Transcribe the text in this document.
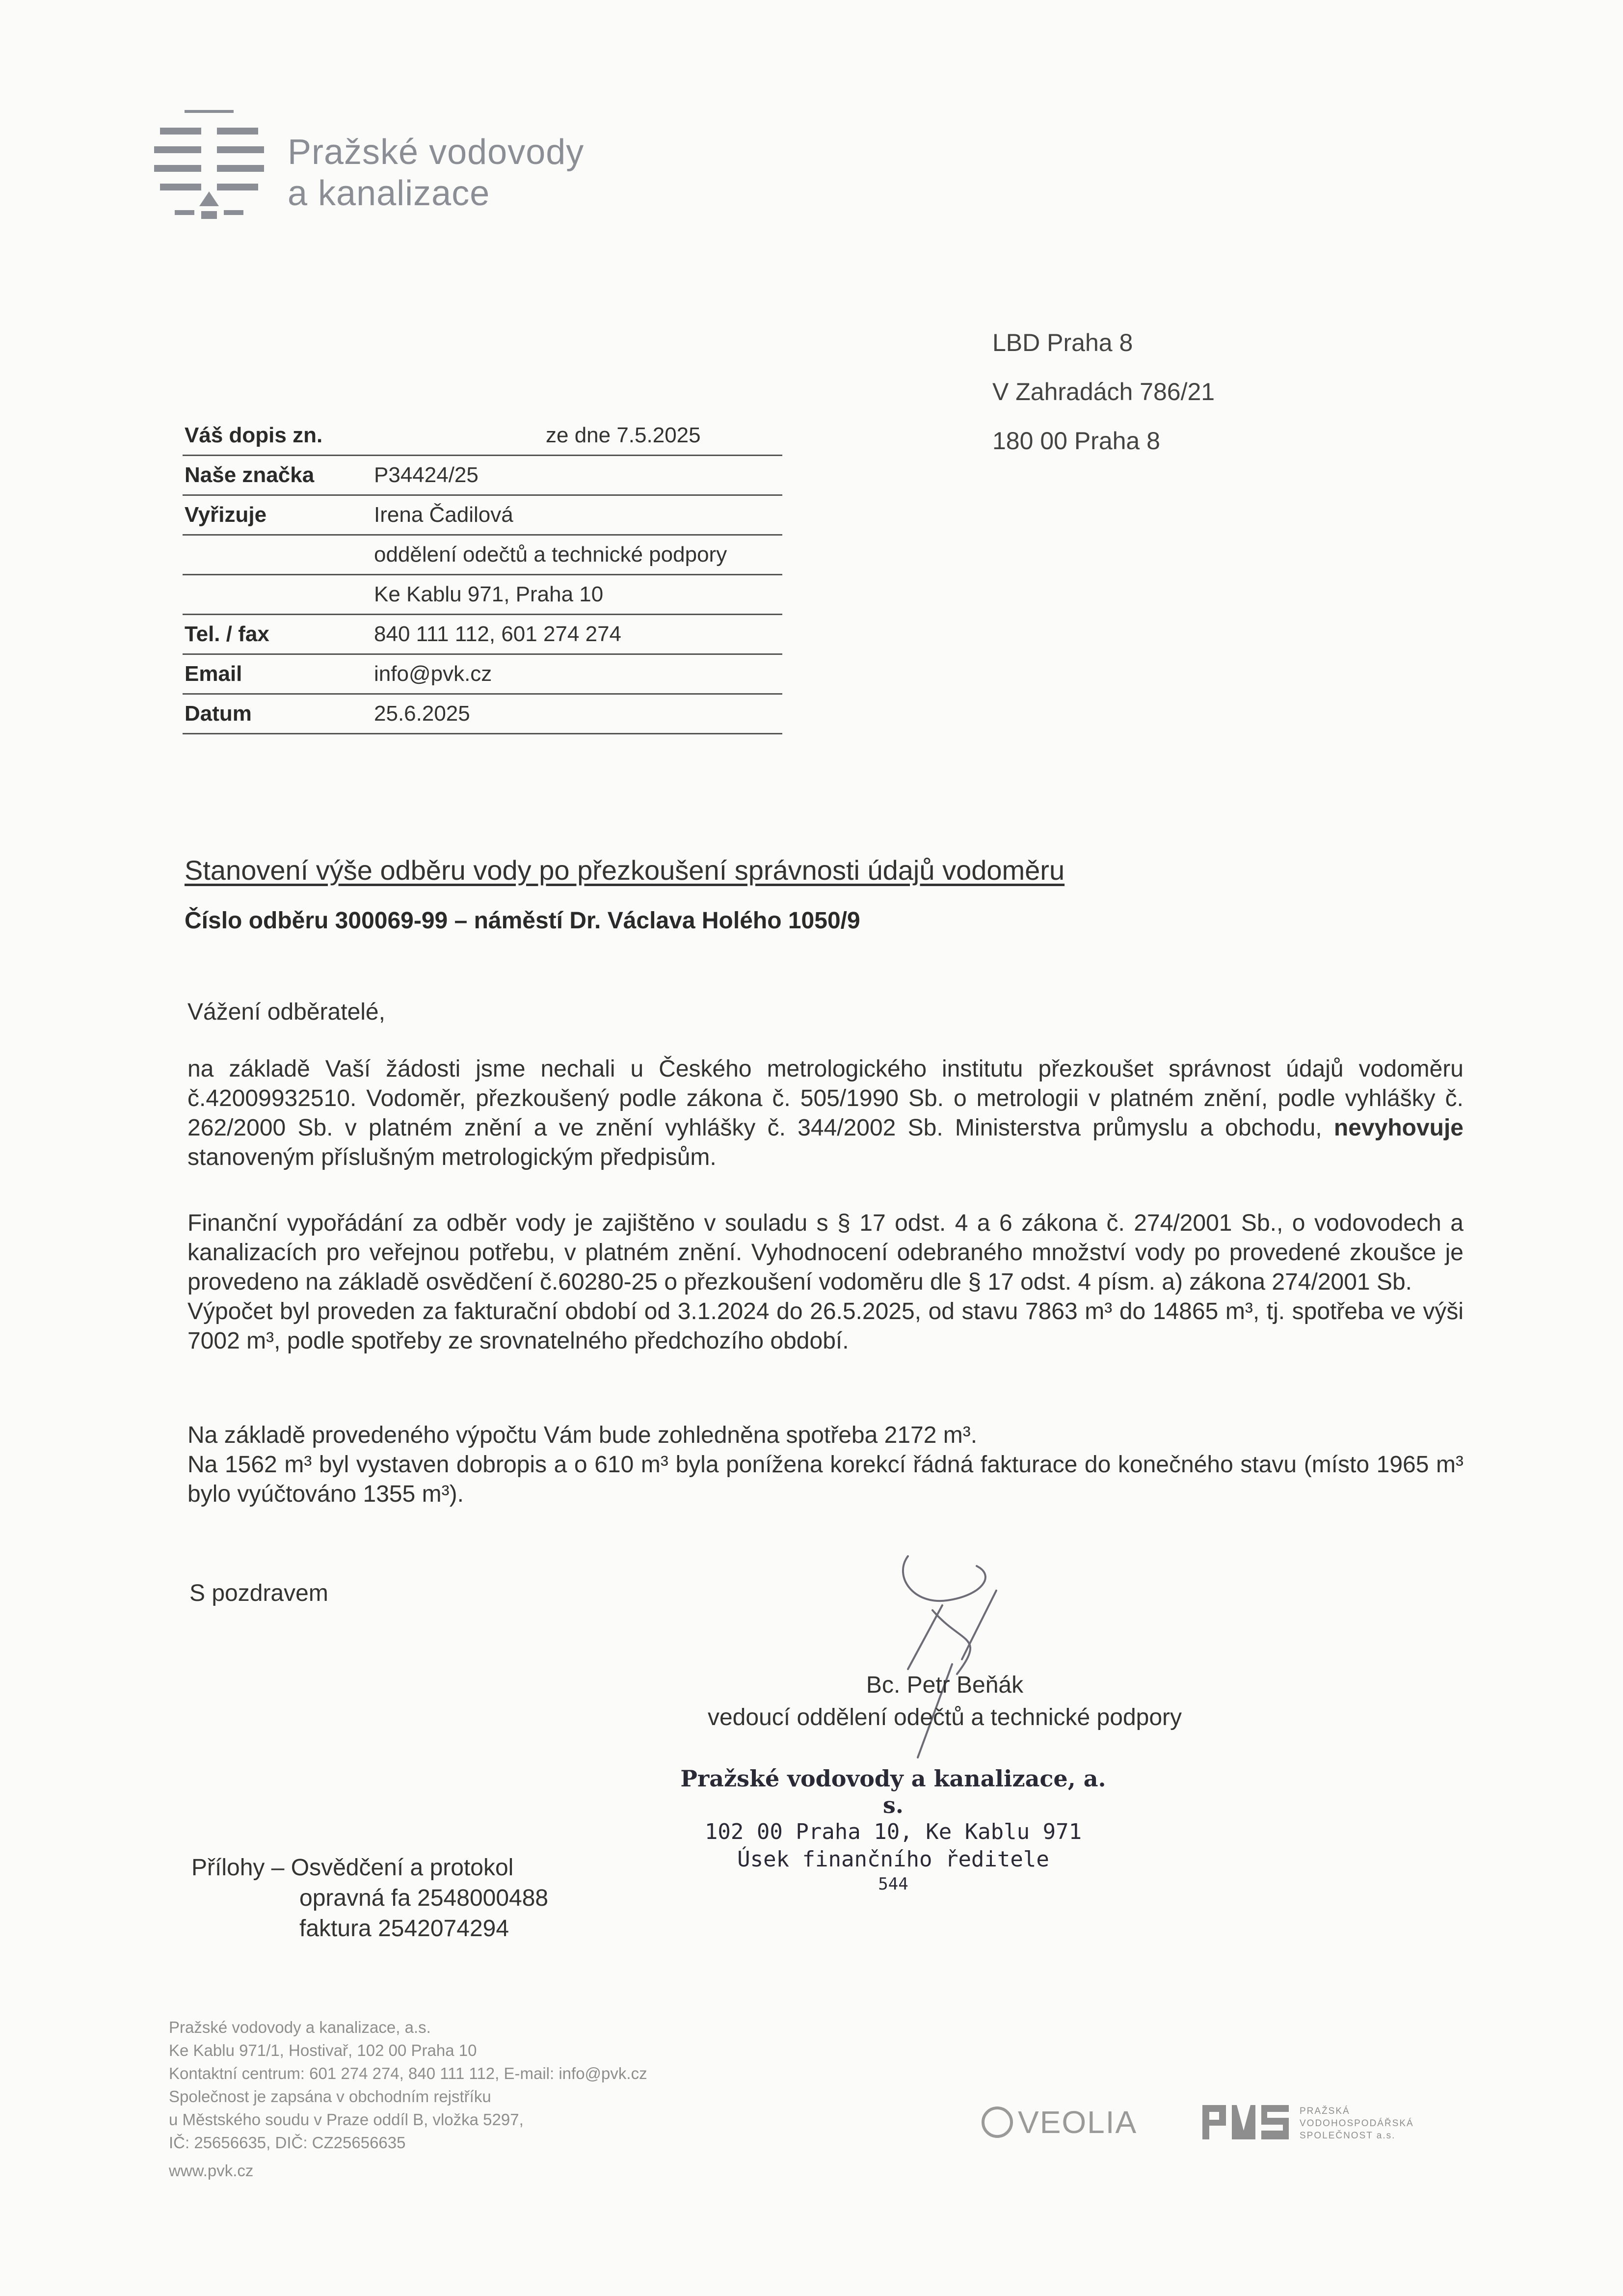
Pražské vodovody
a kanalizace
LBD Praha 8
V Zahradách 786/21
180 00 Praha 8
Váš dopis zn.	ze dne 7.5.2025
Naše značka	P34424/25
Vyřizuje	Irena Čadilová
oddělení odečtů a technické podpory
Ke Kablu 971, Praha 10
Tel. / fax	840 111 112, 601 274 274
Email	info@pvk.cz
Datum	25.6.2025
Stanovení výše odběru vody po přezkoušení správnosti údajů vodoměru
Číslo odběru 300069-99 – náměstí Dr. Václava Holého 1050/9
Vážení odběratelé,

na základě Vaší žádosti jsme nechali u Českého metrologického institutu přezkoušet správnost údajů vodoměru č.42009932510. Vodoměr, přezkoušený podle zákona č. 505/1990 Sb. o metrologii v platném znění, podle vyhlášky č. 262/2000 Sb. v platném znění a ve znění vyhlášky č. 344/2002 Sb. Ministerstva průmyslu a obchodu, nevyhovuje stanoveným příslušným metrologickým předpisům.

Finanční vypořádání za odběr vody je zajištěno v souladu s § 17 odst. 4 a 6 zákona č. 274/2001 Sb., o vodovodech a kanalizacích pro veřejnou potřebu, v platném znění. Vyhodnocení odebraného množství vody po provedené zkoušce je provedeno na základě osvědčení č.60280-25 o přezkoušení vodoměru dle § 17 odst. 4 písm. a) zákona 274/2001 Sb.

Výpočet byl proveden za fakturační období od 3.1.2024 do 26.5.2025, od stavu 7863 m³ do 14865 m³, tj. spotřeba ve výši 7002 m³, podle spotřeby ze srovnatelného předchozího období.

Na základě provedeného výpočtu Vám bude zohledněna spotřeba 2172 m³.

Na 1562 m³ byl vystaven dobropis a o 610 m³ byla ponížena korekcí řádná fakturace do konečného stavu (místo 1965 m³ bylo vyúčtováno 1355 m³).

S pozdravem
Bc. Petr Beňák
vedoucí oddělení odečtů a technické podpory
Pražské vodovody a kanalizace, a. s.
102 00 Praha 10, Ke Kablu 971
Úsek finančního ředitele
544
Přílohy – Osvědčení a protokol
opravná fa 2548000488
faktura 2542074294
Pražské vodovody a kanalizace, a.s.
Ke Kablu 971/1, Hostivař, 102 00 Praha 10
Kontaktní centrum: 601 274 274, 840 111 112, E-mail: info@pvk.cz
Společnost je zapsána v obchodním rejstříku
u Městského soudu v Praze oddíl B, vložka 5297,
IČ: 25656635, DIČ: CZ25656635
www.pvk.cz
VEOLIA	PRAŽSKÁ
VODOHOSPODÁŘSKÁ
SPOLEČNOST a.s.
